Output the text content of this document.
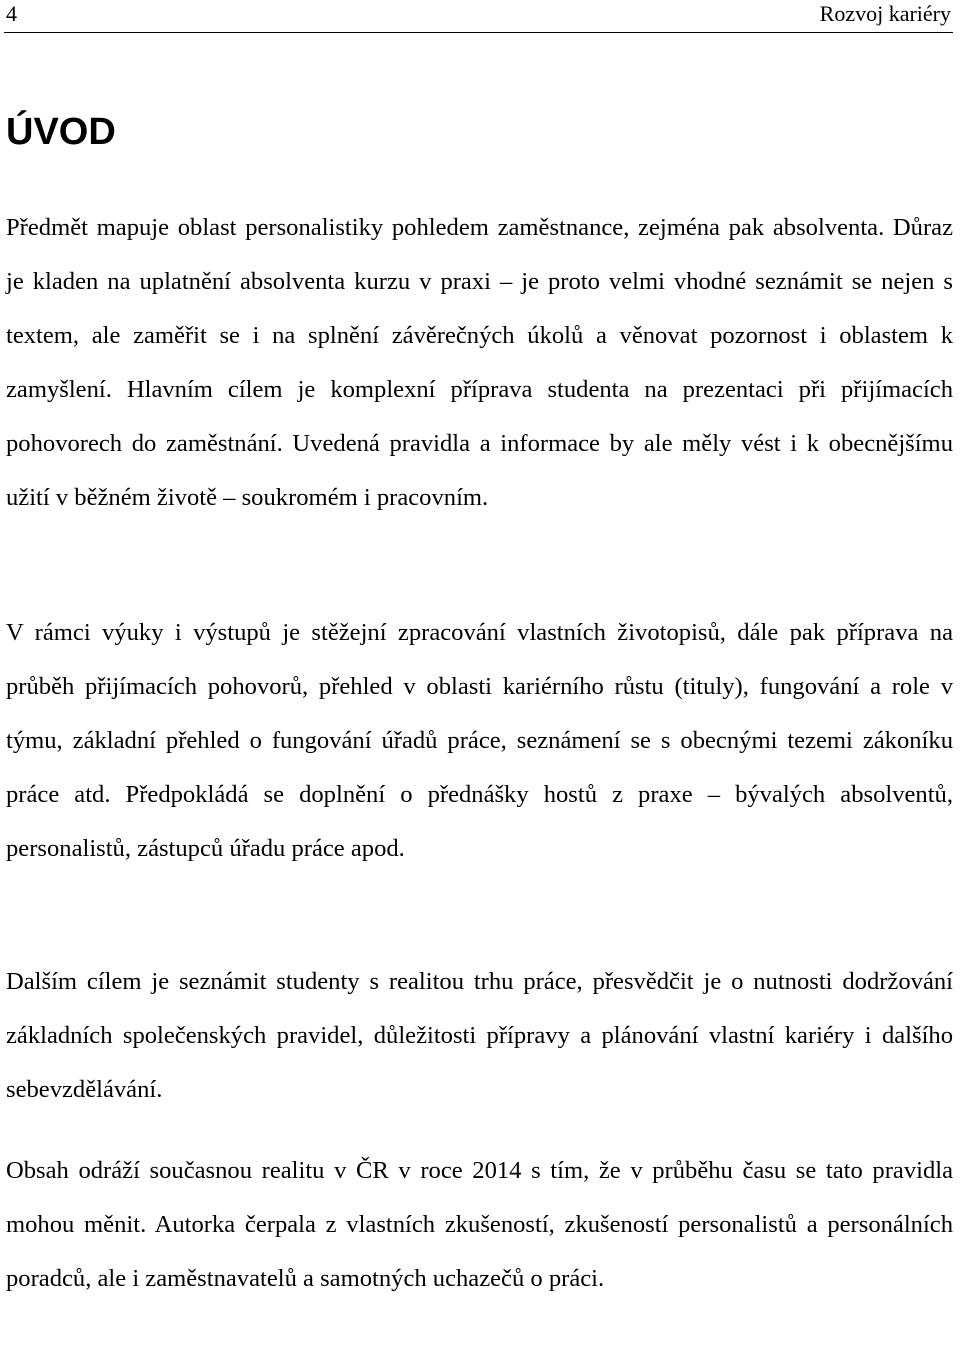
4	Rozvoj kariéry
ÚVOD

Předmět mapuje oblast personalistiky pohledem zaměstnance, zejména pak absolventa. Důraz je kladen na uplatnění absolventa kurzu v praxi – je proto velmi vhodné seznámit se nejen s textem, ale zaměřit se i na splnění závěrečných úkolů a věnovat pozornost i oblastem k zamyšlení. Hlavním cílem je komplexní příprava studenta na prezentaci při přijímacích pohovorech do zaměstnání. Uvedená pravidla a informace by ale měly vést i k obecnějšímu užití v běžném životě – soukromém i pracovním.

V rámci výuky i výstupů je stěžejní zpracování vlastních životopisů, dále pak příprava na průběh přijímacích pohovorů, přehled v oblasti kariérního růstu (tituly), fungování a role v týmu, základní přehled o fungování úřadů práce, seznámení se s obecnými tezemi zákoníku práce atd. Předpokládá se doplnění o přednášky hostů z praxe – bývalých absolventů, personalistů, zástupců úřadu práce apod.

Dalším cílem je seznámit studenty s realitou trhu práce, přesvědčit je o nutnosti dodržování základních společenských pravidel, důležitosti přípravy a plánování vlastní kariéry i dalšího sebevzdělávání.

Obsah odráží současnou realitu v ČR v roce 2014 s tím, že v průběhu času se tato pravidla mohou měnit. Autorka čerpala z vlastních zkušeností, zkušeností personalistů a personálních poradců, ale i zaměstnavatelů a samotných uchazečů o práci.
